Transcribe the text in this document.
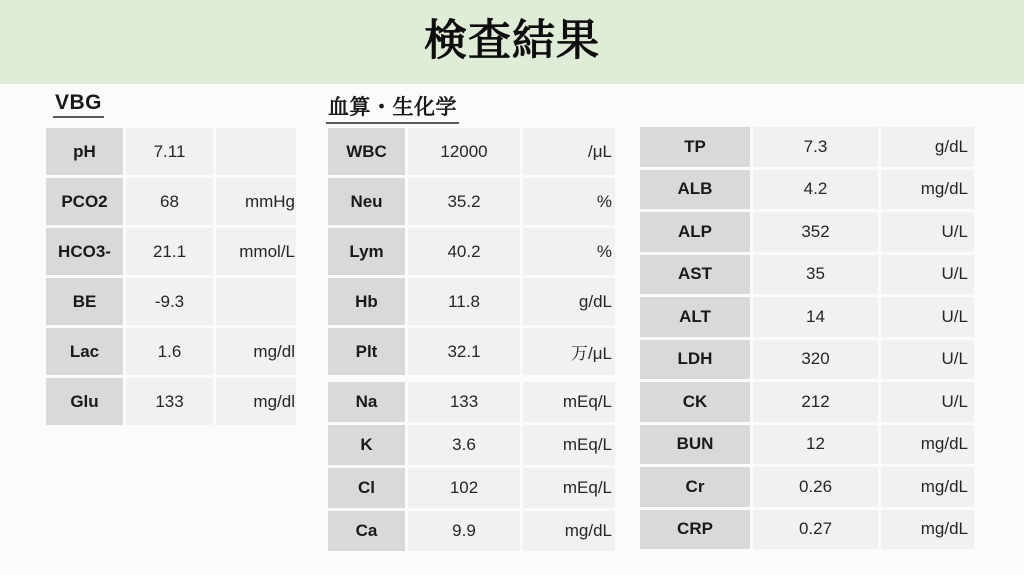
検査結果
VBG	血算・生化学
pH	7.11
PCO2	68	mmHg
HCO3-	21.1	mmol/L
BE	-9.3
Lac	1.6	mg/dl
Glu	133	mg/dl
WBC	12000	/μL
Neu	35.2	%
Lym	40.2	%
Hb	11.8	g/dL
Plt	32.1	万/μL
Na	133	mEq/L
K	3.6	mEq/L
Cl	102	mEq/L
Ca	9.9	mg/dL
TP	7.3	g/dL
ALB	4.2	mg/dL
ALP	352	U/L
AST	35	U/L
ALT	14	U/L
LDH	320	U/L
CK	212	U/L
BUN	12	mg/dL
Cr	0.26	mg/dL
CRP	0.27	mg/dL
